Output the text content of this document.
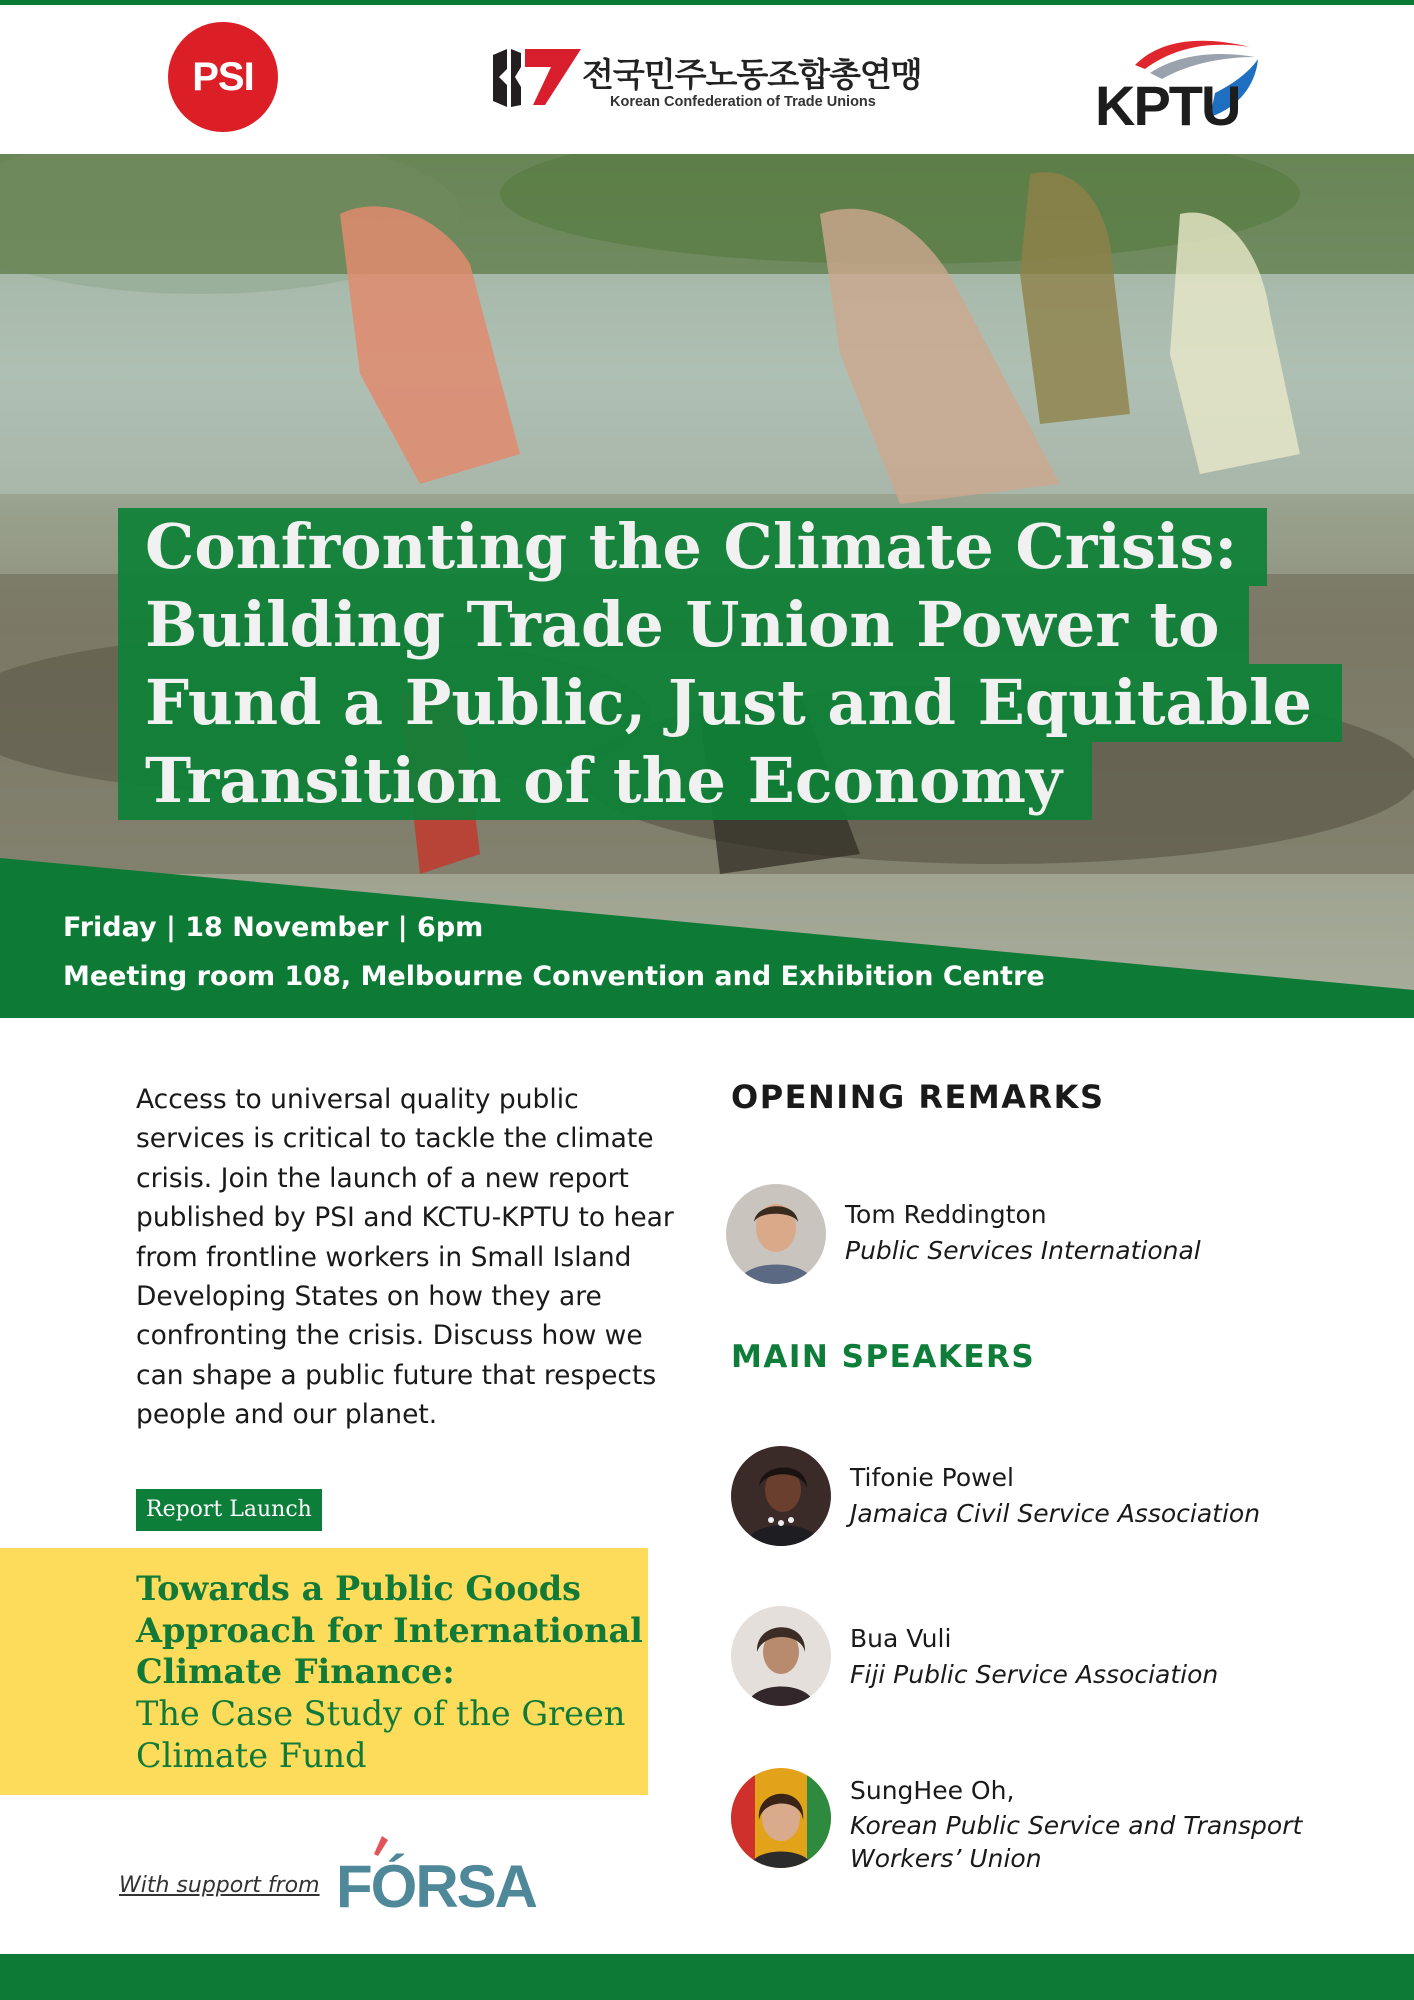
PSI	전국민주노동조합총연맹
Korean Confederation of Trade Unions	KPTU
Confronting the Climate Crisis:
Building Trade Union Power to
Fund a Public, Just and Equitable
Transition of the Economy
Friday | 18 November | 6pm
Meeting room 108, Melbourne Convention and Exhibition Centre

Access to universal quality public services is critical to tackle the climate crisis. Join the launch of a new report published by PSI and KCTU-KPTU to hear from frontline workers in Small Island Developing States on how they are confronting the crisis. Discuss how we can shape a public future that respects people and our planet.

Report Launch
Towards a Public Goods Approach for International Climate Finance:
The Case Study of the Green Climate Fund
With support from FÓRSA
OPENING REMARKS
Tom Reddington
Public Services International
MAIN SPEAKERS
Tifonie Powel
Jamaica Civil Service Association
Bua Vuli
Fiji Public Service Association
SungHee Oh,
Korean Public Service and Transport
Workers’ Union
